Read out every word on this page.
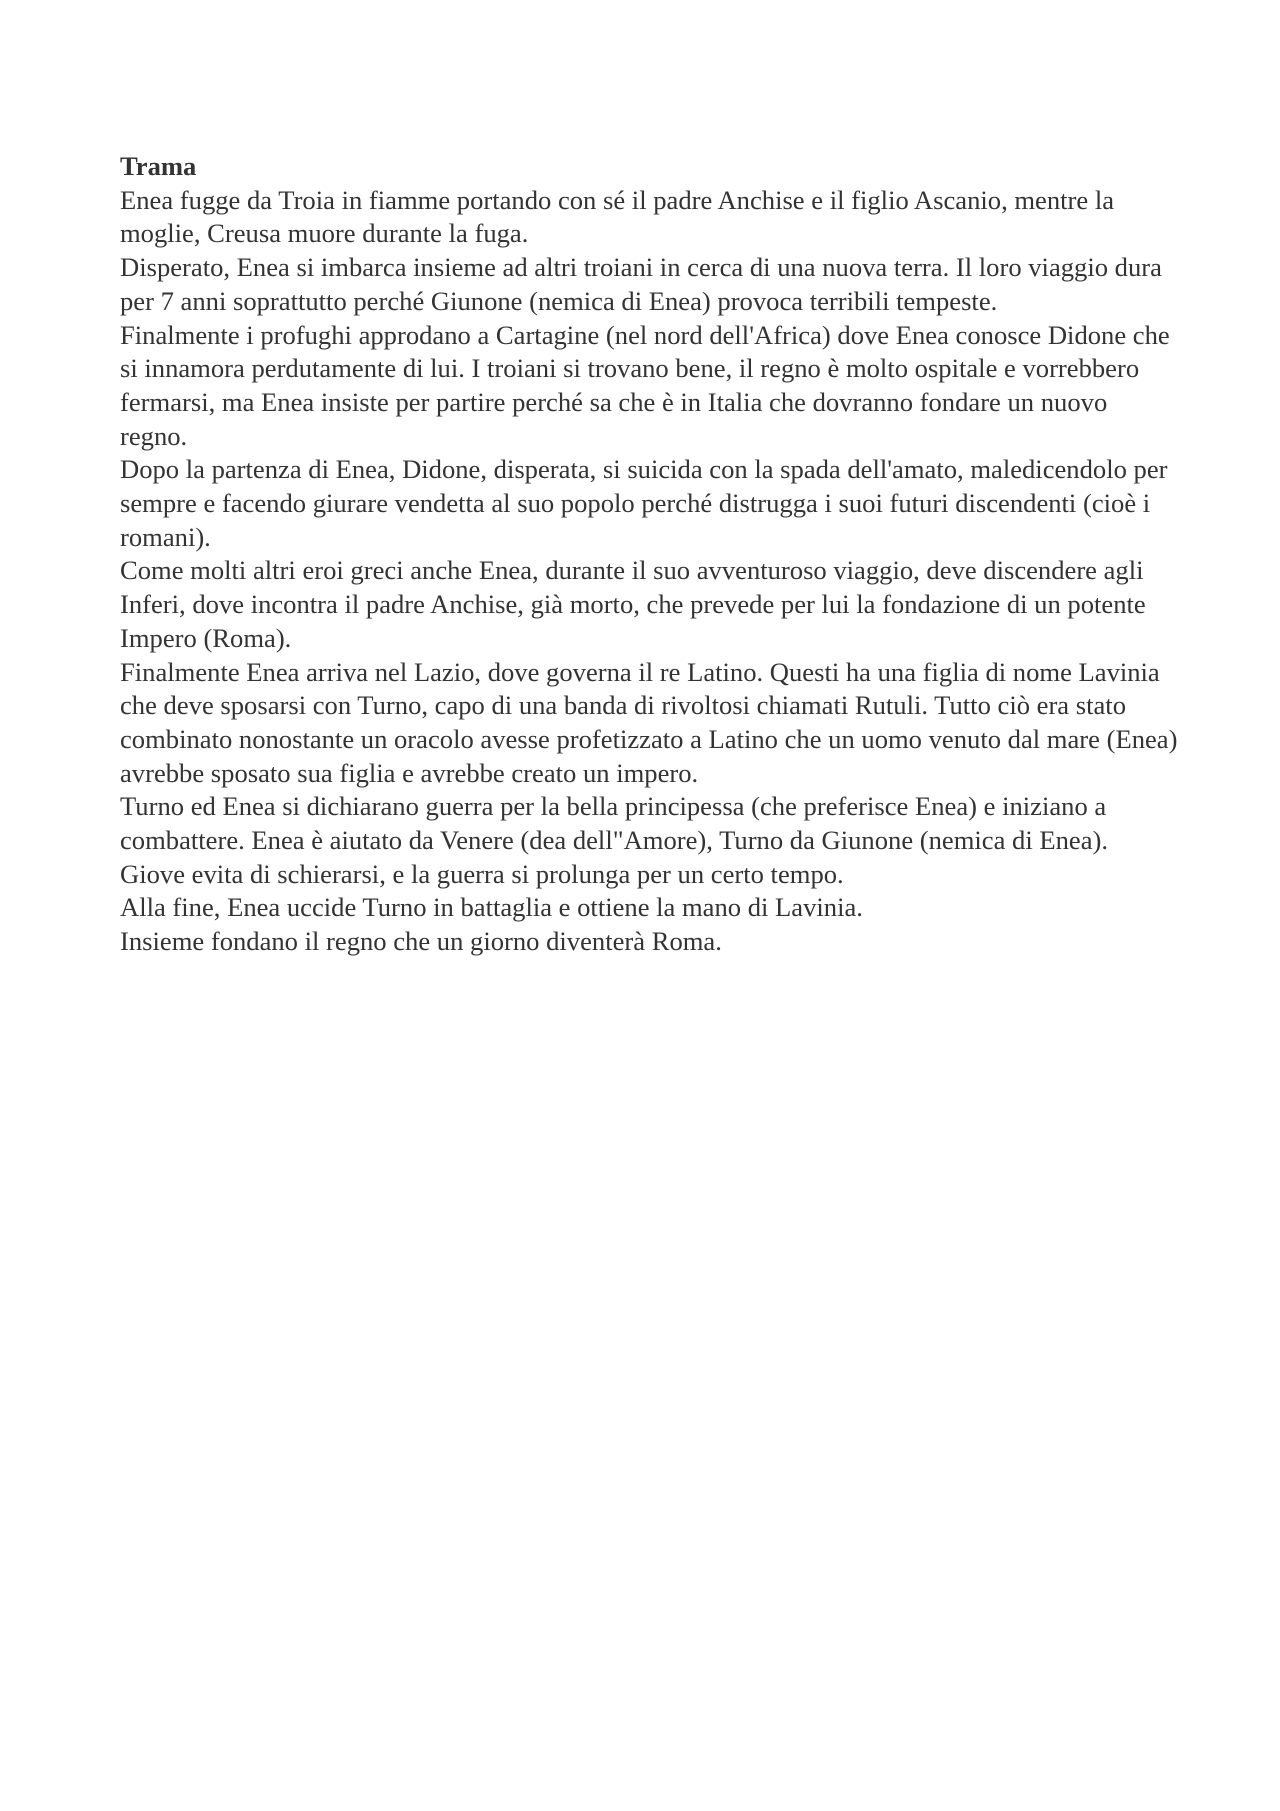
Trama

Enea fugge da Troia in fiamme portando con sé il padre Anchise e il figlio Ascanio, mentre la moglie, Creusa muore durante la fuga.

Disperato, Enea si imbarca insieme ad altri troiani in cerca di una nuova terra. Il loro viaggio dura per 7 anni soprattutto perché Giunone (nemica di Enea) provoca terribili tempeste.

Finalmente i profughi approdano a Cartagine (nel nord dell'Africa) dove Enea conosce Didone che si innamora perdutamente di lui. I troiani si trovano bene, il regno è molto ospitale e vorrebbero fermarsi, ma Enea insiste per partire perché sa che è in Italia che dovranno fondare un nuovo regno.

Dopo la partenza di Enea, Didone, disperata, si suicida con la spada dell'amato, maledicendolo per sempre e facendo giurare vendetta al suo popolo perché distrugga i suoi futuri discendenti (cioè i romani).

Come molti altri eroi greci anche Enea, durante il suo avventuroso viaggio, deve discendere agli Inferi, dove incontra il padre Anchise, già morto, che prevede per lui la fondazione di un potente Impero (Roma).

Finalmente Enea arriva nel Lazio, dove governa il re Latino. Questi ha una figlia di nome Lavinia che deve sposarsi con Turno, capo di una banda di rivoltosi chiamati Rutuli. Tutto ciò era stato combinato nonostante un oracolo avesse profetizzato a Latino che un uomo venuto dal mare (Enea) avrebbe sposato sua figlia e avrebbe creato un impero.

Turno ed Enea si dichiarano guerra per la bella principessa (che preferisce Enea) e iniziano a combattere. Enea è aiutato da Venere (dea dell"Amore), Turno da Giunone (nemica di Enea).

Giove evita di schierarsi, e la guerra si prolunga per un certo tempo.

Alla fine, Enea uccide Turno in battaglia e ottiene la mano di Lavinia.

Insieme fondano il regno che un giorno diventerà Roma.
